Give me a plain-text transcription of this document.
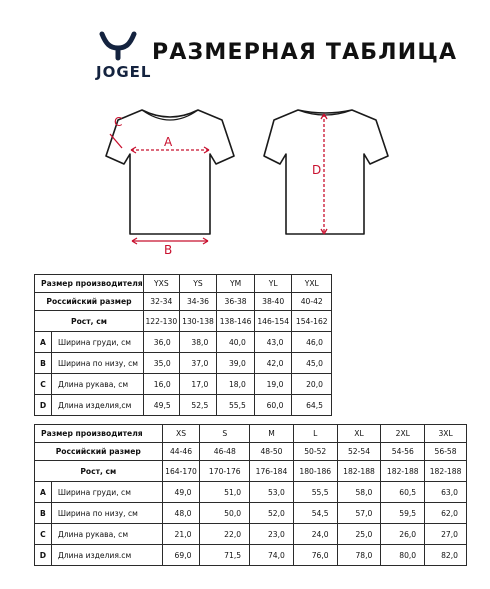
JOGEL
РАЗМЕРНАЯ ТАБЛИЦА
A
C
B
D
Размер производителя		YXS	YS	YM	YL	YXL
Российский размер		32-34	34-36	36-38	38-40	40-42
Рост, см		122-130	130-138	138-146	146-154	154-162
A	Ширина груди, см	36,0	38,0	40,0	43,0	46,0
B	Ширина по низу, см	35,0	37,0	39,0	42,0	45,0
C	Длина рукава, см	16,0	17,0	18,0	19,0	20,0
D	Длина изделия,см	49,5	52,5	55,5	60,0	64,5
Размер производителя		XS	S	M	L	XL	2XL	3XL
Российский размер		44-46	46-48	48-50	50-52	52-54	54-56	56-58
Рост, см		164-170	170-176	176-184	180-186	182-188	182-188	182-188
A	Ширина груди, см	49,0	51,0	53,0	55,5	58,0	60,5	63,0
B	Ширина по низу, см	48,0	50,0	52,0	54,5	57,0	59,5	62,0
C	Длина рукава, см	21,0	22,0	23,0	24,0	25,0	26,0	27,0
D	Длина изделия.см	69,0	71,5	74,0	76,0	78,0	80,0	82,0
